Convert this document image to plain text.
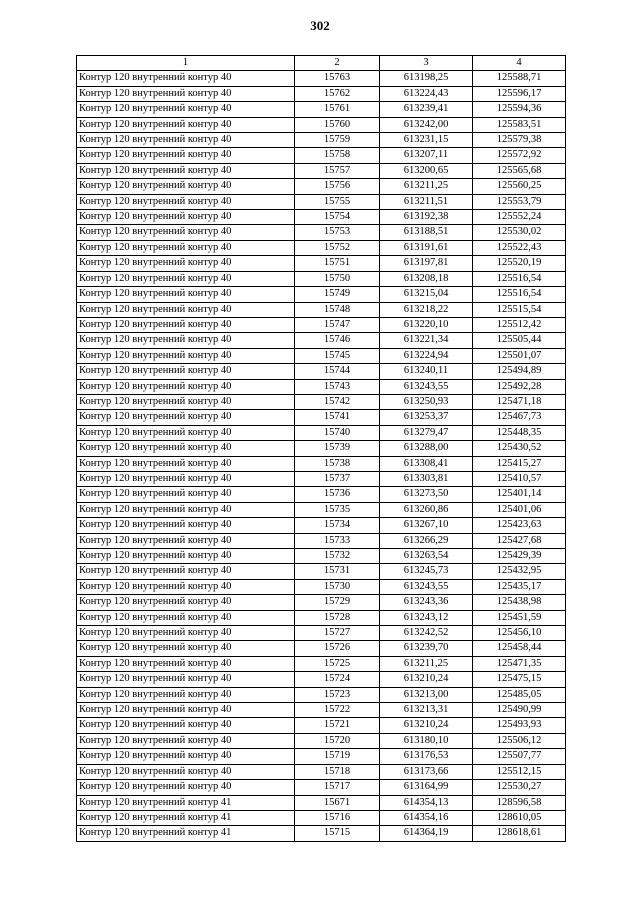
302
1	2	3	4
Контур 120 внутренний контур 40	15763	613198,25	125588,71
Контур 120 внутренний контур 40	15762	613224,43	125596,17
Контур 120 внутренний контур 40	15761	613239,41	125594,36
Контур 120 внутренний контур 40	15760	613242,00	125583,51
Контур 120 внутренний контур 40	15759	613231,15	125579,38
Контур 120 внутренний контур 40	15758	613207,11	125572,92
Контур 120 внутренний контур 40	15757	613200,65	125565,68
Контур 120 внутренний контур 40	15756	613211,25	125560,25
Контур 120 внутренний контур 40	15755	613211,51	125553,79
Контур 120 внутренний контур 40	15754	613192,38	125552,24
Контур 120 внутренний контур 40	15753	613188,51	125530,02
Контур 120 внутренний контур 40	15752	613191,61	125522,43
Контур 120 внутренний контур 40	15751	613197,81	125520,19
Контур 120 внутренний контур 40	15750	613208,18	125516,54
Контур 120 внутренний контур 40	15749	613215,04	125516,54
Контур 120 внутренний контур 40	15748	613218,22	125515,54
Контур 120 внутренний контур 40	15747	613220,10	125512,42
Контур 120 внутренний контур 40	15746	613221,34	125505,44
Контур 120 внутренний контур 40	15745	613224,94	125501,07
Контур 120 внутренний контур 40	15744	613240,11	125494,89
Контур 120 внутренний контур 40	15743	613243,55	125492,28
Контур 120 внутренний контур 40	15742	613250,93	125471,18
Контур 120 внутренний контур 40	15741	613253,37	125467,73
Контур 120 внутренний контур 40	15740	613279,47	125448,35
Контур 120 внутренний контур 40	15739	613288,00	125430,52
Контур 120 внутренний контур 40	15738	613308,41	125415,27
Контур 120 внутренний контур 40	15737	613303,81	125410,57
Контур 120 внутренний контур 40	15736	613273,50	125401,14
Контур 120 внутренний контур 40	15735	613260,86	125401,06
Контур 120 внутренний контур 40	15734	613267,10	125423,63
Контур 120 внутренний контур 40	15733	613266,29	125427,68
Контур 120 внутренний контур 40	15732	613263,54	125429,39
Контур 120 внутренний контур 40	15731	613245,73	125432,95
Контур 120 внутренний контур 40	15730	613243,55	125435,17
Контур 120 внутренний контур 40	15729	613243,36	125438,98
Контур 120 внутренний контур 40	15728	613243,12	125451,59
Контур 120 внутренний контур 40	15727	613242,52	125456,10
Контур 120 внутренний контур 40	15726	613239,70	125458,44
Контур 120 внутренний контур 40	15725	613211,25	125471,35
Контур 120 внутренний контур 40	15724	613210,24	125475,15
Контур 120 внутренний контур 40	15723	613213,00	125485,05
Контур 120 внутренний контур 40	15722	613213,31	125490,99
Контур 120 внутренний контур 40	15721	613210,24	125493,93
Контур 120 внутренний контур 40	15720	613180,10	125506,12
Контур 120 внутренний контур 40	15719	613176,53	125507,77
Контур 120 внутренний контур 40	15718	613173,66	125512,15
Контур 120 внутренний контур 40	15717	613164,99	125530,27
Контур 120 внутренний контур 41	15671	614354,13	128596,58
Контур 120 внутренний контур 41	15716	614354,16	128610,05
Контур 120 внутренний контур 41	15715	614364,19	128618,61
